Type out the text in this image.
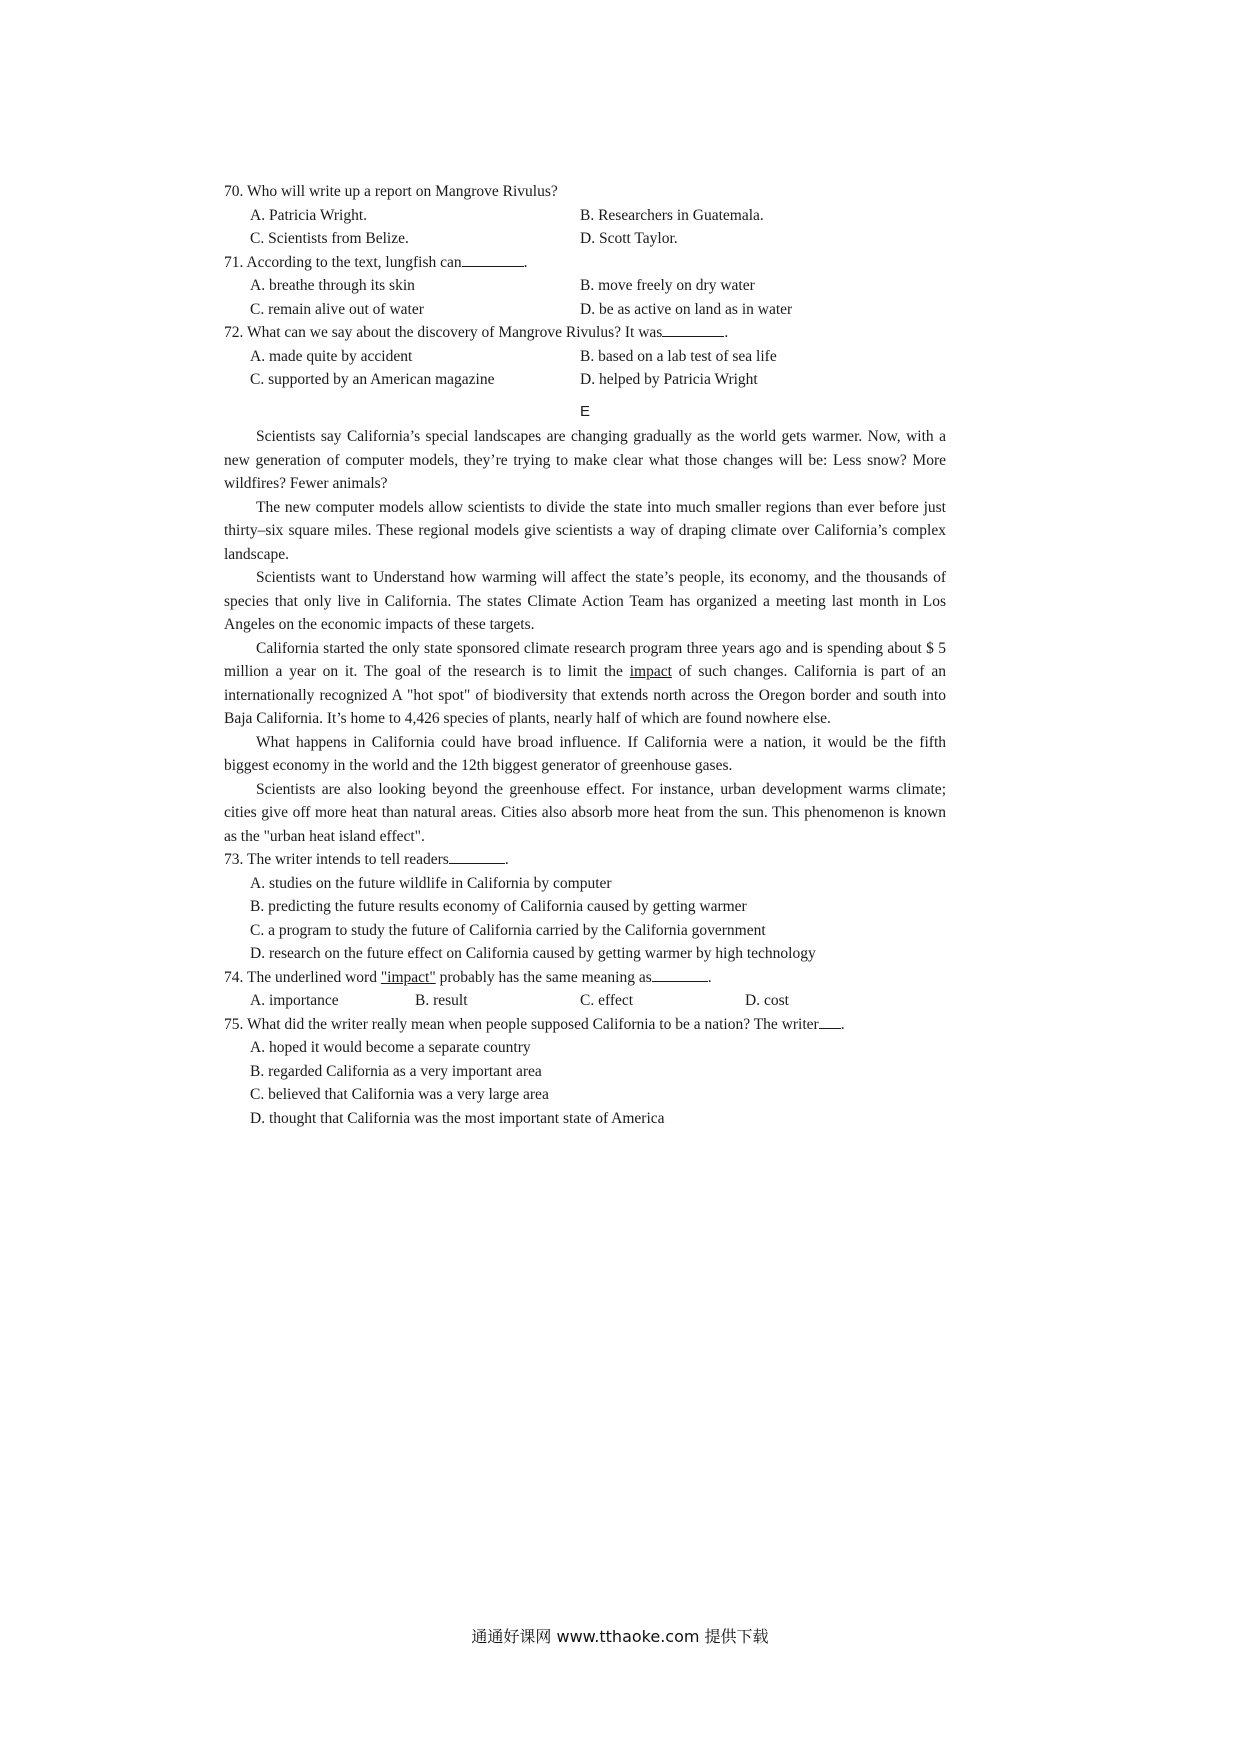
70. Who will write up a report on Mangrove Rivulus?

A. Patricia Wright.	B. Researchers in Guatemala.
C. Scientists from Belize.	D. Scott Taylor.

71. According to the text, lungfish can	.

A. breathe through its skin	B. move freely on dry water
C. remain alive out of water	D. be as active on land as in water

72. What can we say about the discovery of Mangrove Rivulus? It was	.

A. made quite by accident	B. based on a lab test of sea life
C. supported by an American magazine	D. helped by Patricia Wright
E

Scientists say California’s special landscapes are changing gradually as the world gets warmer. Now, with a new generation of computer models, they’re trying to make clear what those changes will be: Less snow? More wildfires? Fewer animals?

The new computer models allow scientists to divide the state into much smaller regions than ever before just thirty–six square miles. These regional models give scientists a way of draping climate over California’s complex landscape.

Scientists want to Understand how warming will affect the state’s people, its economy, and the thousands of species that only live in California. The states Climate Action Team has organized a meeting last month in Los Angeles on the economic impacts of these targets.

California started the only state sponsored climate research program three years ago and is spending about $ 5 million a year on it. The goal of the research is to limit the impact of such changes. California is part of an internationally recognized A "hot spot" of biodiversity that extends north across the Oregon border and south into Baja California. It’s home to 4,426 species of plants, nearly half of which are found nowhere else.

What happens in California could have broad influence. If California were a nation, it would be the fifth biggest economy in the world and the 12th biggest generator of greenhouse gases.

Scientists are also looking beyond the greenhouse effect. For instance, urban development warms climate; cities give off more heat than natural areas. Cities also absorb more heat from the sun. This phenomenon is known as the "urban heat island effect".

73. The writer intends to tell readers	.

A. studies on the future wildlife in California by computer
B. predicting the future results economy of California caused by getting warmer
C. a program to study the future of California carried by the California government
D. research on the future effect on California caused by getting warmer by high technology

74. The underlined word "impact" probably has the same meaning as	.

A. importance	B. result	C. effect	D. cost

75. What did the writer really mean when people supposed California to be a nation? The writer .

A. hoped it would become a separate country
B. regarded California as a very important area
C. believed that California was a very large area
D. thought that California was the most important state of America
通通好课网 www.tthaoke.com 提供下载
